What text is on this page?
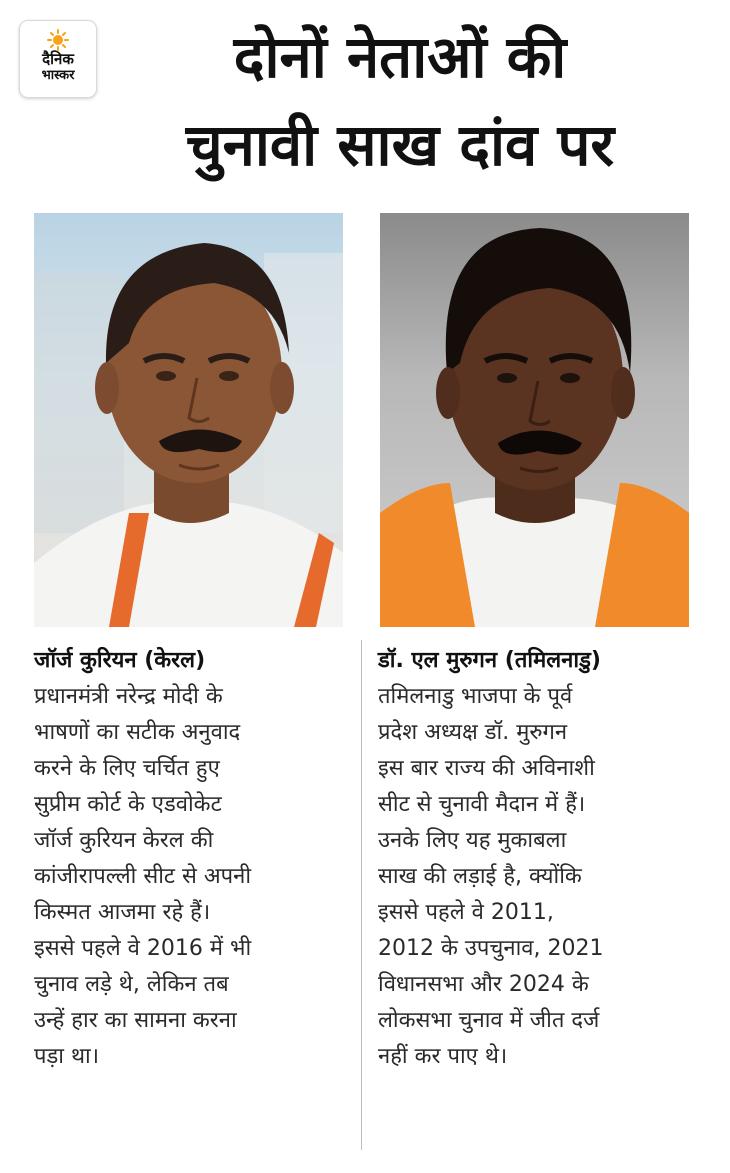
दैनिक
भास्कर	दोनों नेताओं की
चुनावी साख दांव पर
जॉर्ज कुरियन (केरल)
प्रधानमंत्री नरेन्द्र मोदी के
भाषणों का सटीक अनुवाद
करने के लिए चर्चित हुए
सुप्रीम कोर्ट के एडवोकेट
जॉर्ज कुरियन केरल की
कांजीरापल्ली सीट से अपनी
किस्मत आजमा रहे हैं।
इससे पहले वे 2016 में भी
चुनाव लड़े थे, लेकिन तब
उन्हें हार का सामना करना
पड़ा था।
डॉ. एल मुरुगन (तमिलनाडु)
तमिलनाडु भाजपा के पूर्व
प्रदेश अध्यक्ष डॉ. मुरुगन
इस बार राज्य की अविनाशी
सीट से चुनावी मैदान में हैं।
उनके लिए यह मुकाबला
साख की लड़ाई है, क्योंकि
इससे पहले वे 2011,
2012 के उपचुनाव, 2021
विधानसभा और 2024 के
लोकसभा चुनाव में जीत दर्ज
नहीं कर पाए थे।
